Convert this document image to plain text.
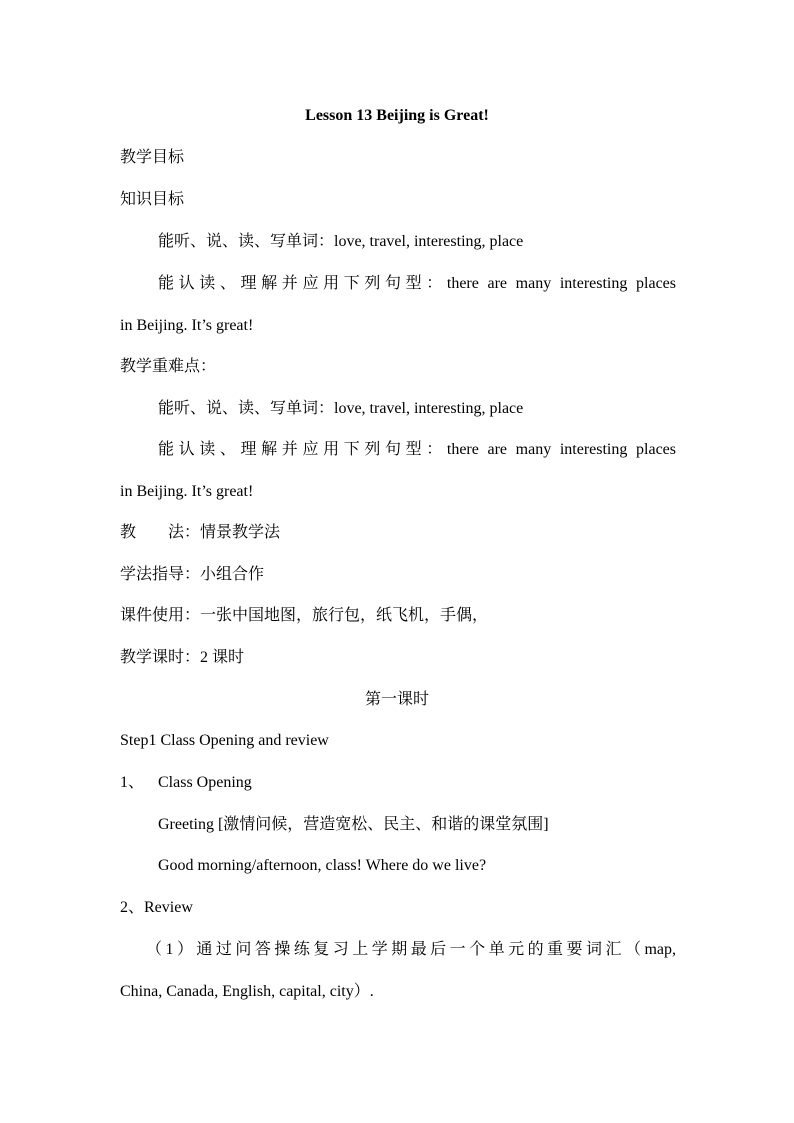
Lesson 13 Beijing is Great!
教学目标
知识目标
能听、说、读、写单词：love, travel, interesting, place
能认读、理解并应用下列句型：there are many interesting places
in Beijing. It’s great!
教学重难点：
能听、说、读、写单词：love, travel, interesting, place
能认读、理解并应用下列句型：there are many interesting places
in Beijing. It’s great!
教　　法：情景教学法
学法指导：小组合作
课件使用：一张中国地图，旅行包，纸飞机，手偶，
教学课时：2 课时
第一课时
Step1 Class Opening and review
1、 Class Opening
Greeting [激情问候，营造宽松、民主、和谐的课堂氛围]
Good morning/afternoon, class! Where do we live?
2、Review
（1）通过问答操练复习上学期最后一个单元的重要词汇（map,
China, Canada, English, capital, city）.
